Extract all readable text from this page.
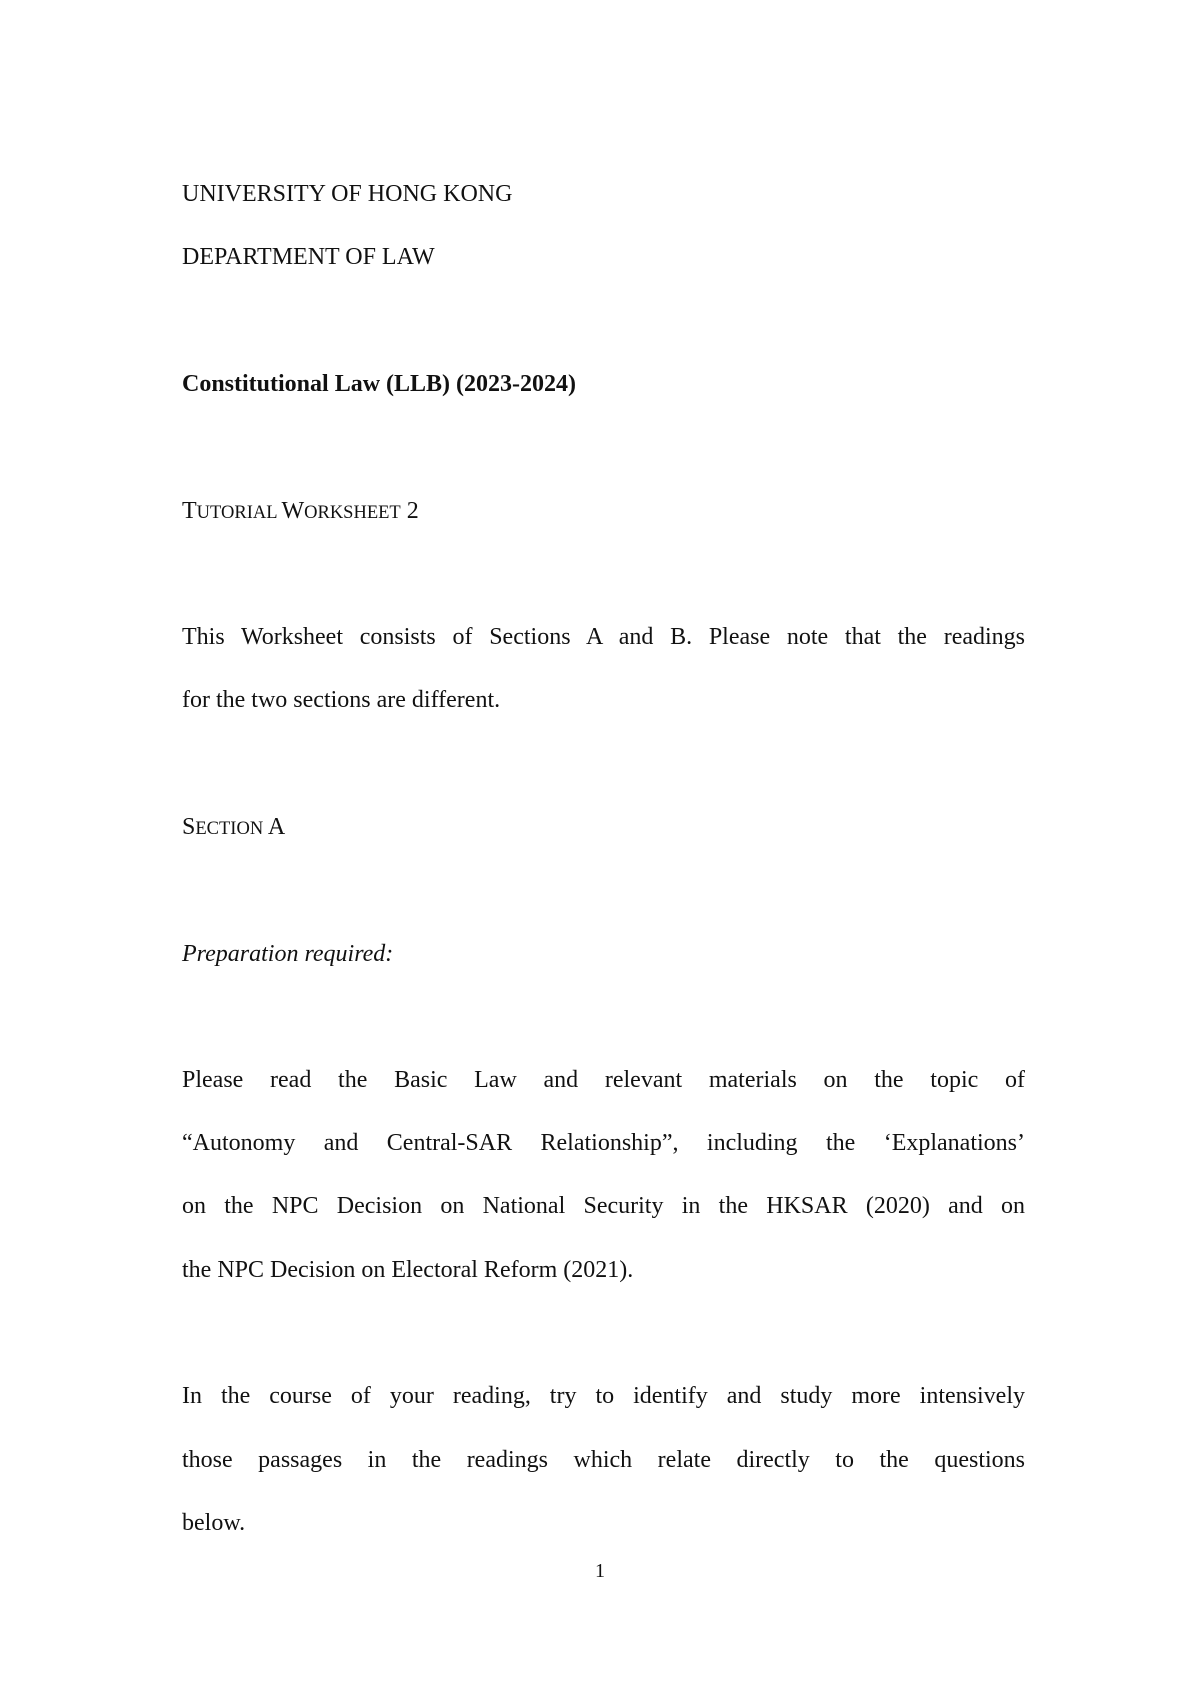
UNIVERSITY OF HONG KONG

DEPARTMENT OF LAW

Constitutional Law (LLB) (2023-2024)

TUTORIAL WORKSHEET 2

This Worksheet consists of Sections A and B. Please note that the readings

for the two sections are different.

SECTION A

Preparation required:

Please read the Basic Law and relevant materials on the topic of

“Autonomy and Central-SAR Relationship”, including the ‘Explanations’

on the NPC Decision on National Security in the HKSAR (2020) and on

the NPC Decision on Electoral Reform (2021).

In the course of your reading, try to identify and study more intensively

those passages in the readings which relate directly to the questions

below.

1
